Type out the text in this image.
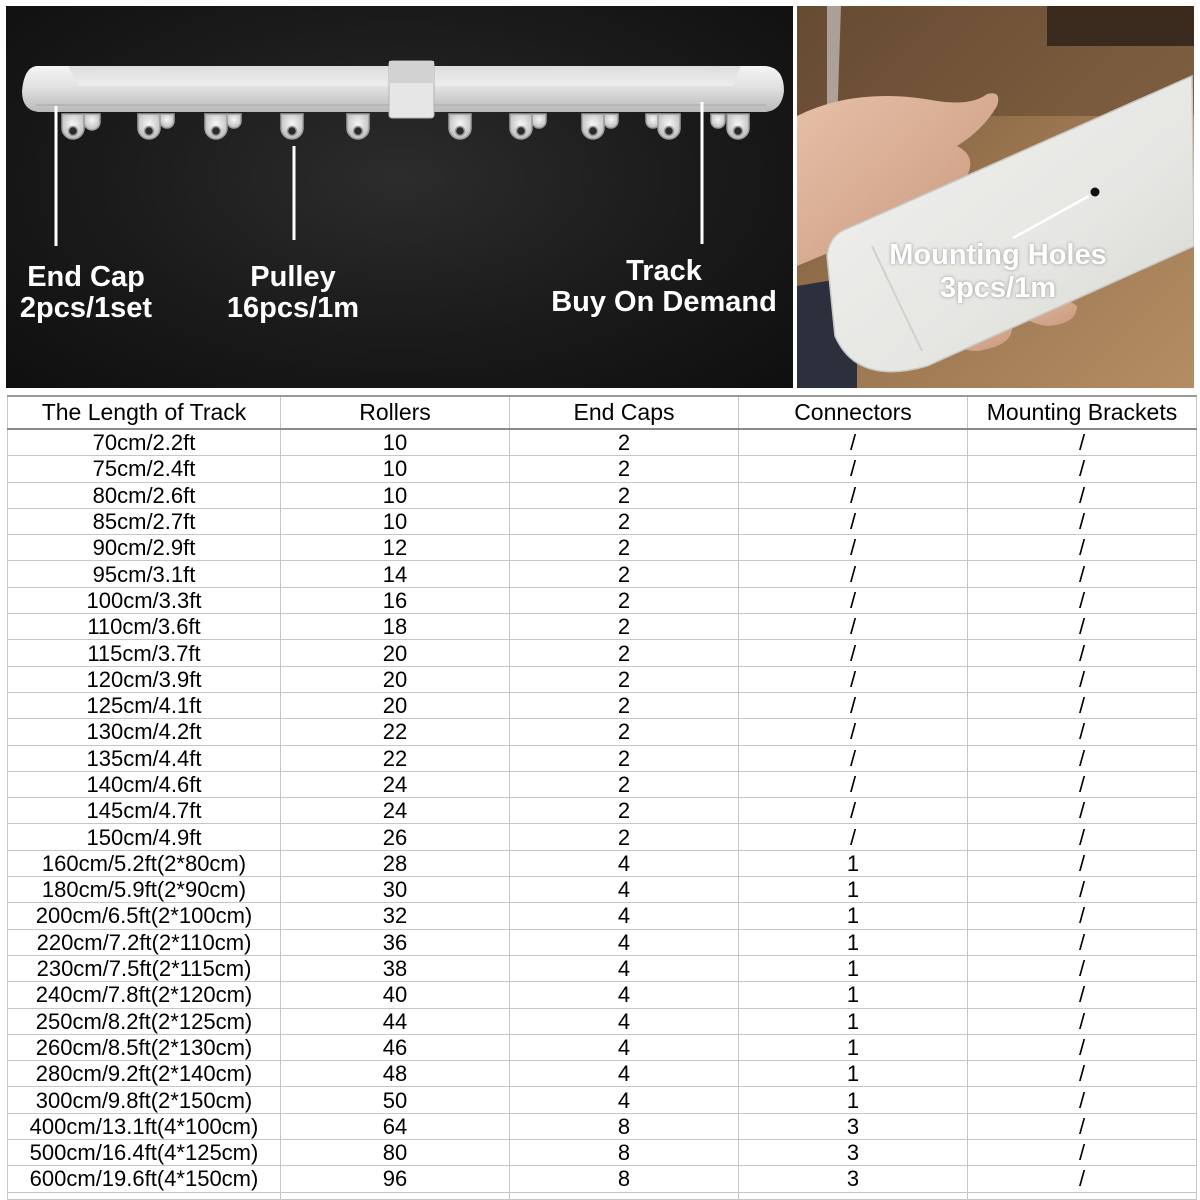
End Cap
2pcs/1set
Pulley
16pcs/1m
Track
Buy On Demand
Mounting Holes
3pcs/1m
The Length of Track	Rollers	End Caps	Connectors	Mounting Brackets
70cm/2.2ft	10	2	/	/
75cm/2.4ft	10	2	/	/
80cm/2.6ft	10	2	/	/
85cm/2.7ft	10	2	/	/
90cm/2.9ft	12	2	/	/
95cm/3.1ft	14	2	/	/
100cm/3.3ft	16	2	/	/
110cm/3.6ft	18	2	/	/
115cm/3.7ft	20	2	/	/
120cm/3.9ft	20	2	/	/
125cm/4.1ft	20	2	/	/
130cm/4.2ft	22	2	/	/
135cm/4.4ft	22	2	/	/
140cm/4.6ft	24	2	/	/
145cm/4.7ft	24	2	/	/
150cm/4.9ft	26	2	/	/
160cm/5.2ft(2*80cm)	28	4	1	/
180cm/5.9ft(2*90cm)	30	4	1	/
200cm/6.5ft(2*100cm)	32	4	1	/
220cm/7.2ft(2*110cm)	36	4	1	/
230cm/7.5ft(2*115cm)	38	4	1	/
240cm/7.8ft(2*120cm)	40	4	1	/
250cm/8.2ft(2*125cm)	44	4	1	/
260cm/8.5ft(2*130cm)	46	4	1	/
280cm/9.2ft(2*140cm)	48	4	1	/
300cm/9.8ft(2*150cm)	50	4	1	/
400cm/13.1ft(4*100cm)	64	8	3	/
500cm/16.4ft(4*125cm)	80	8	3	/
600cm/19.6ft(4*150cm)	96	8	3	/
